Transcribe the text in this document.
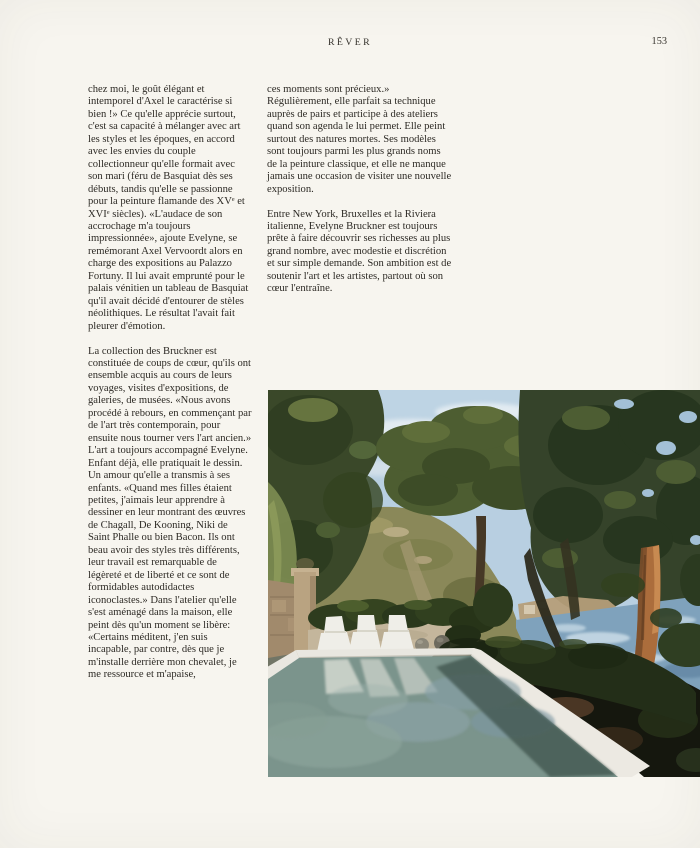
RÊVER	153

chez moi, le goût élégant et intemporel d'Axel le caractérise si bien !» Ce qu'elle apprécie surtout, c'est sa capacité à mélanger avec art les styles et les époques, en accord avec les envies du couple collectionneur qu'elle formait avec son mari (féru de Basquiat dès ses débuts, tandis qu'elle se passionne pour la peinture flamande des XVᵉ et XVIᵉ siècles). «L'audace de son accrochage m'a toujours impressionnée», ajoute Evelyne, se remémorant Axel Vervoordt alors en charge des expositions au Palazzo Fortuny. Il lui avait emprunté pour le palais vénitien un tableau de Basquiat qu'il avait décidé d'entourer de stèles néolithiques. Le résultat l'avait fait pleurer d'émotion.

La collection des Bruckner est constituée de coups de cœur, qu'ils ont ensemble acquis au cours de leurs voyages, visites d'expositions, de galeries, de musées. «Nous avons procédé à rebours, en commençant par de l'art très contemporain, pour ensuite nous tourner vers l'art ancien.» L'art a toujours accompagné Evelyne. Enfant déjà, elle pratiquait le dessin. Un amour qu'elle a transmis à ses enfants. «Quand mes filles étaient petites, j'aimais leur apprendre à dessiner en leur montrant des œuvres de Chagall, De Kooning, Niki de Saint Phalle ou bien Bacon. Ils ont beau avoir des styles très différents, leur travail est remarquable de légèreté et de liberté et ce sont de formidables autodidactes iconoclastes.» Dans l'atelier qu'elle s'est aménagé dans la maison, elle peint dès qu'un moment se libère: «Certains méditent, j'en suis incapable, par contre, dès que je m'installe derrière mon chevalet, je me ressource et m'apaise,

ces moments sont précieux.» Régulièrement, elle parfait sa technique auprès de pairs et participe à des ateliers quand son agenda le lui permet. Elle peint surtout des natures mortes. Ses modèles sont toujours parmi les plus grands noms de la peinture classique, et elle ne manque jamais une occasion de visiter une nouvelle exposition.

Entre New York, Bruxelles et la Riviera italienne, Evelyne Bruckner est toujours prête à faire découvrir ses richesses au plus grand nombre, avec modestie et discrétion et sur simple demande. Son ambition est de soutenir l'art et les artistes, partout où son cœur l'entraîne.
